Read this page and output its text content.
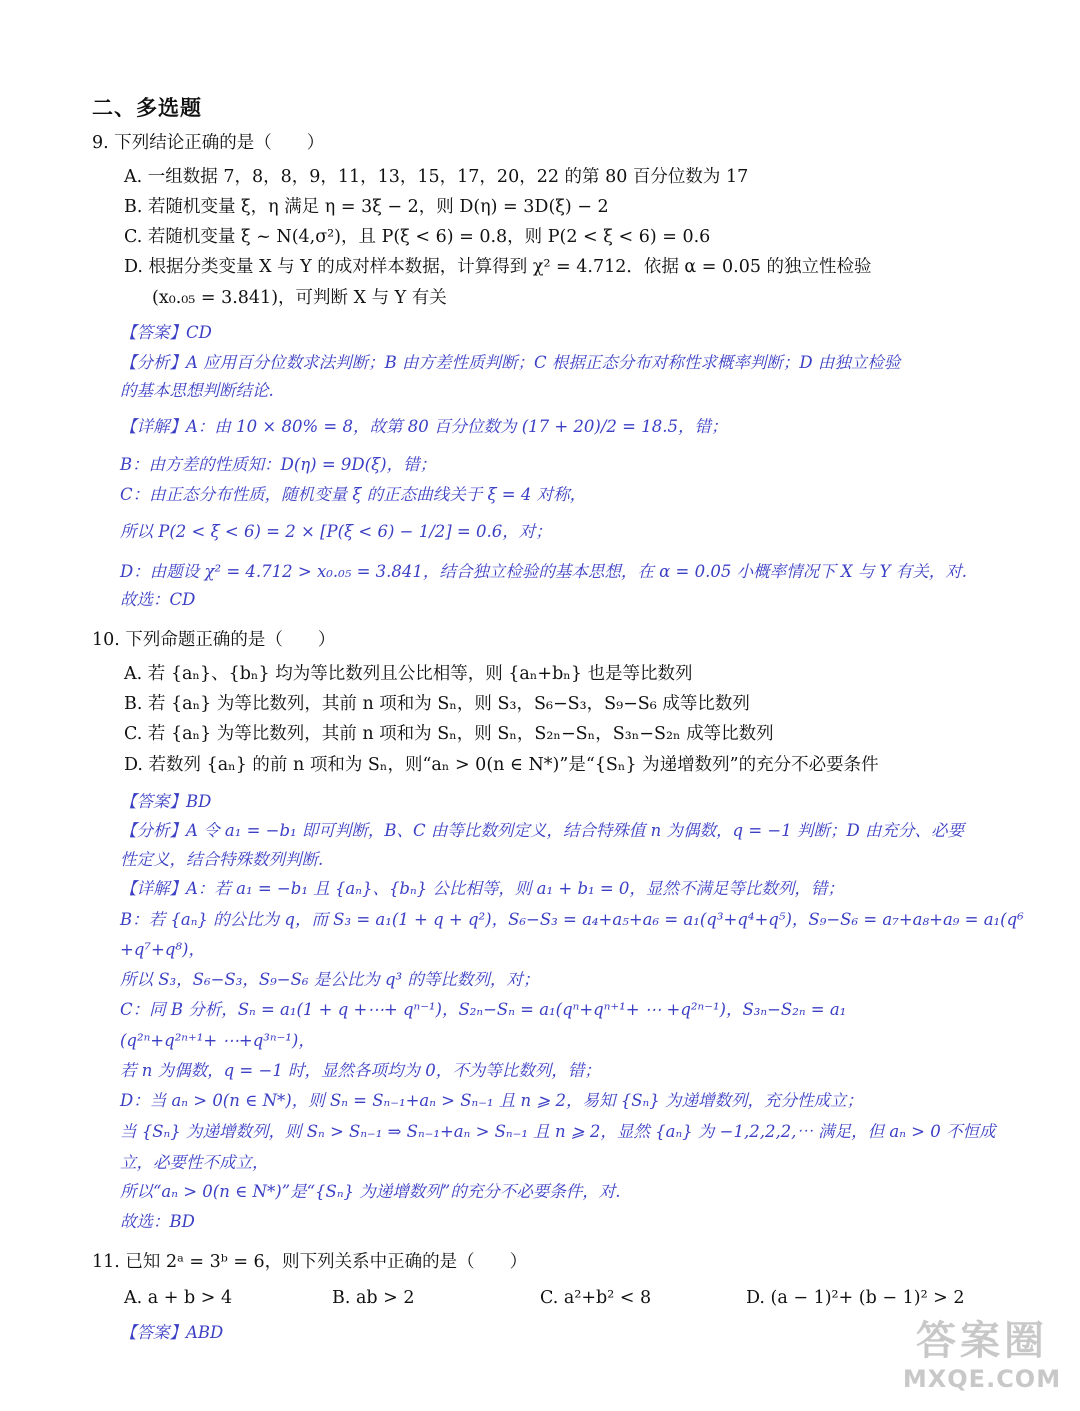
二、多选题
9. 下列结论正确的是（　　）
A. 一组数据 7，8，8，9，11，13，15，17，20，22 的第 80 百分位数为 17
B. 若随机变量 ξ，η 满足 η = 3ξ − 2，则 D(η) = 3D(ξ) − 2
C. 若随机变量 ξ ~ N(4,σ²)，且 P(ξ < 6) = 0.8，则 P(2 < ξ < 6) = 0.6
D. 根据分类变量 X 与 Y 的成对样本数据，计算得到 χ² = 4.712．依据 α = 0.05 的独立性检验
(x₀.₀₅ = 3.841)，可判断 X 与 Y 有关
【答案】CD
【分析】A 应用百分位数求法判断；B 由方差性质判断；C 根据正态分布对称性求概率判断；D 由独立检验
的基本思想判断结论.
【详解】A：由 10 × 80% = 8，故第 80 百分位数为 (17 + 20)/2 = 18.5，错；
B：由方差的性质知：D(η) = 9D(ξ)，错；
C：由正态分布性质，随机变量 ξ 的正态曲线关于 ξ = 4 对称，
所以 P(2 < ξ < 6) = 2 × [P(ξ < 6) − 1/2] = 0.6，对；
D：由题设 χ² = 4.712 > x₀.₀₅ = 3.841，结合独立检验的基本思想，在 α = 0.05 小概率情况下 X 与 Y 有关，对.
故选：CD
10. 下列命题正确的是（　　）
A. 若 {aₙ}、{bₙ} 均为等比数列且公比相等，则 {aₙ+bₙ} 也是等比数列
B. 若 {aₙ} 为等比数列，其前 n 项和为 Sₙ，则 S₃，S₆−S₃，S₉−S₆ 成等比数列
C. 若 {aₙ} 为等比数列，其前 n 项和为 Sₙ，则 Sₙ，S₂ₙ−Sₙ，S₃ₙ−S₂ₙ 成等比数列
D. 若数列 {aₙ} 的前 n 项和为 Sₙ，则“aₙ > 0(n ∈ N*)”是“{Sₙ} 为递增数列”的充分不必要条件
【答案】BD
【分析】A 令 a₁ = −b₁ 即可判断，B、C 由等比数列定义，结合特殊值 n 为偶数，q = −1 判断；D 由充分、必要
性定义，结合特殊数列判断.
【详解】A：若 a₁ = −b₁ 且 {aₙ}、{bₙ} 公比相等，则 a₁ + b₁ = 0，显然不满足等比数列，错；
B：若 {aₙ} 的公比为 q，而 S₃ = a₁(1 + q + q²)，S₆−S₃ = a₄+a₅+a₆ = a₁(q³+q⁴+q⁵)，S₉−S₆ = a₇+a₈+a₉ = a₁(q⁶
+q⁷+q⁸)，
所以 S₃，S₆−S₃，S₉−S₆ 是公比为 q³ 的等比数列，对；
C：同 B 分析，Sₙ = a₁(1 + q +⋯+ qⁿ⁻¹)，S₂ₙ−Sₙ = a₁(qⁿ+qⁿ⁺¹+ ⋯ +q²ⁿ⁻¹)，S₃ₙ−S₂ₙ = a₁
(q²ⁿ+q²ⁿ⁺¹+ ⋯+q³ⁿ⁻¹)，
若 n 为偶数，q = −1 时，显然各项均为 0，不为等比数列，错；
D：当 aₙ > 0(n ∈ N*)，则 Sₙ = Sₙ₋₁+aₙ > Sₙ₋₁ 且 n ⩾ 2，易知 {Sₙ} 为递增数列，充分性成立；
当 {Sₙ} 为递增数列，则 Sₙ > Sₙ₋₁ ⇒ Sₙ₋₁+aₙ > Sₙ₋₁ 且 n ⩾ 2，显然 {aₙ} 为 −1,2,2,2,⋯ 满足，但 aₙ > 0 不恒成
立，必要性不成立，
所以“aₙ > 0(n ∈ N*)”是“{Sₙ} 为递增数列”的充分不必要条件，对.
故选：BD
11. 已知 2ᵃ = 3ᵇ = 6，则下列关系中正确的是（　　）
A. a + b > 4	B. ab > 2	C. a²+b² < 8	D. (a − 1)²+ (b − 1)² > 2
【答案】ABD	答案圈
MXQE.COM
